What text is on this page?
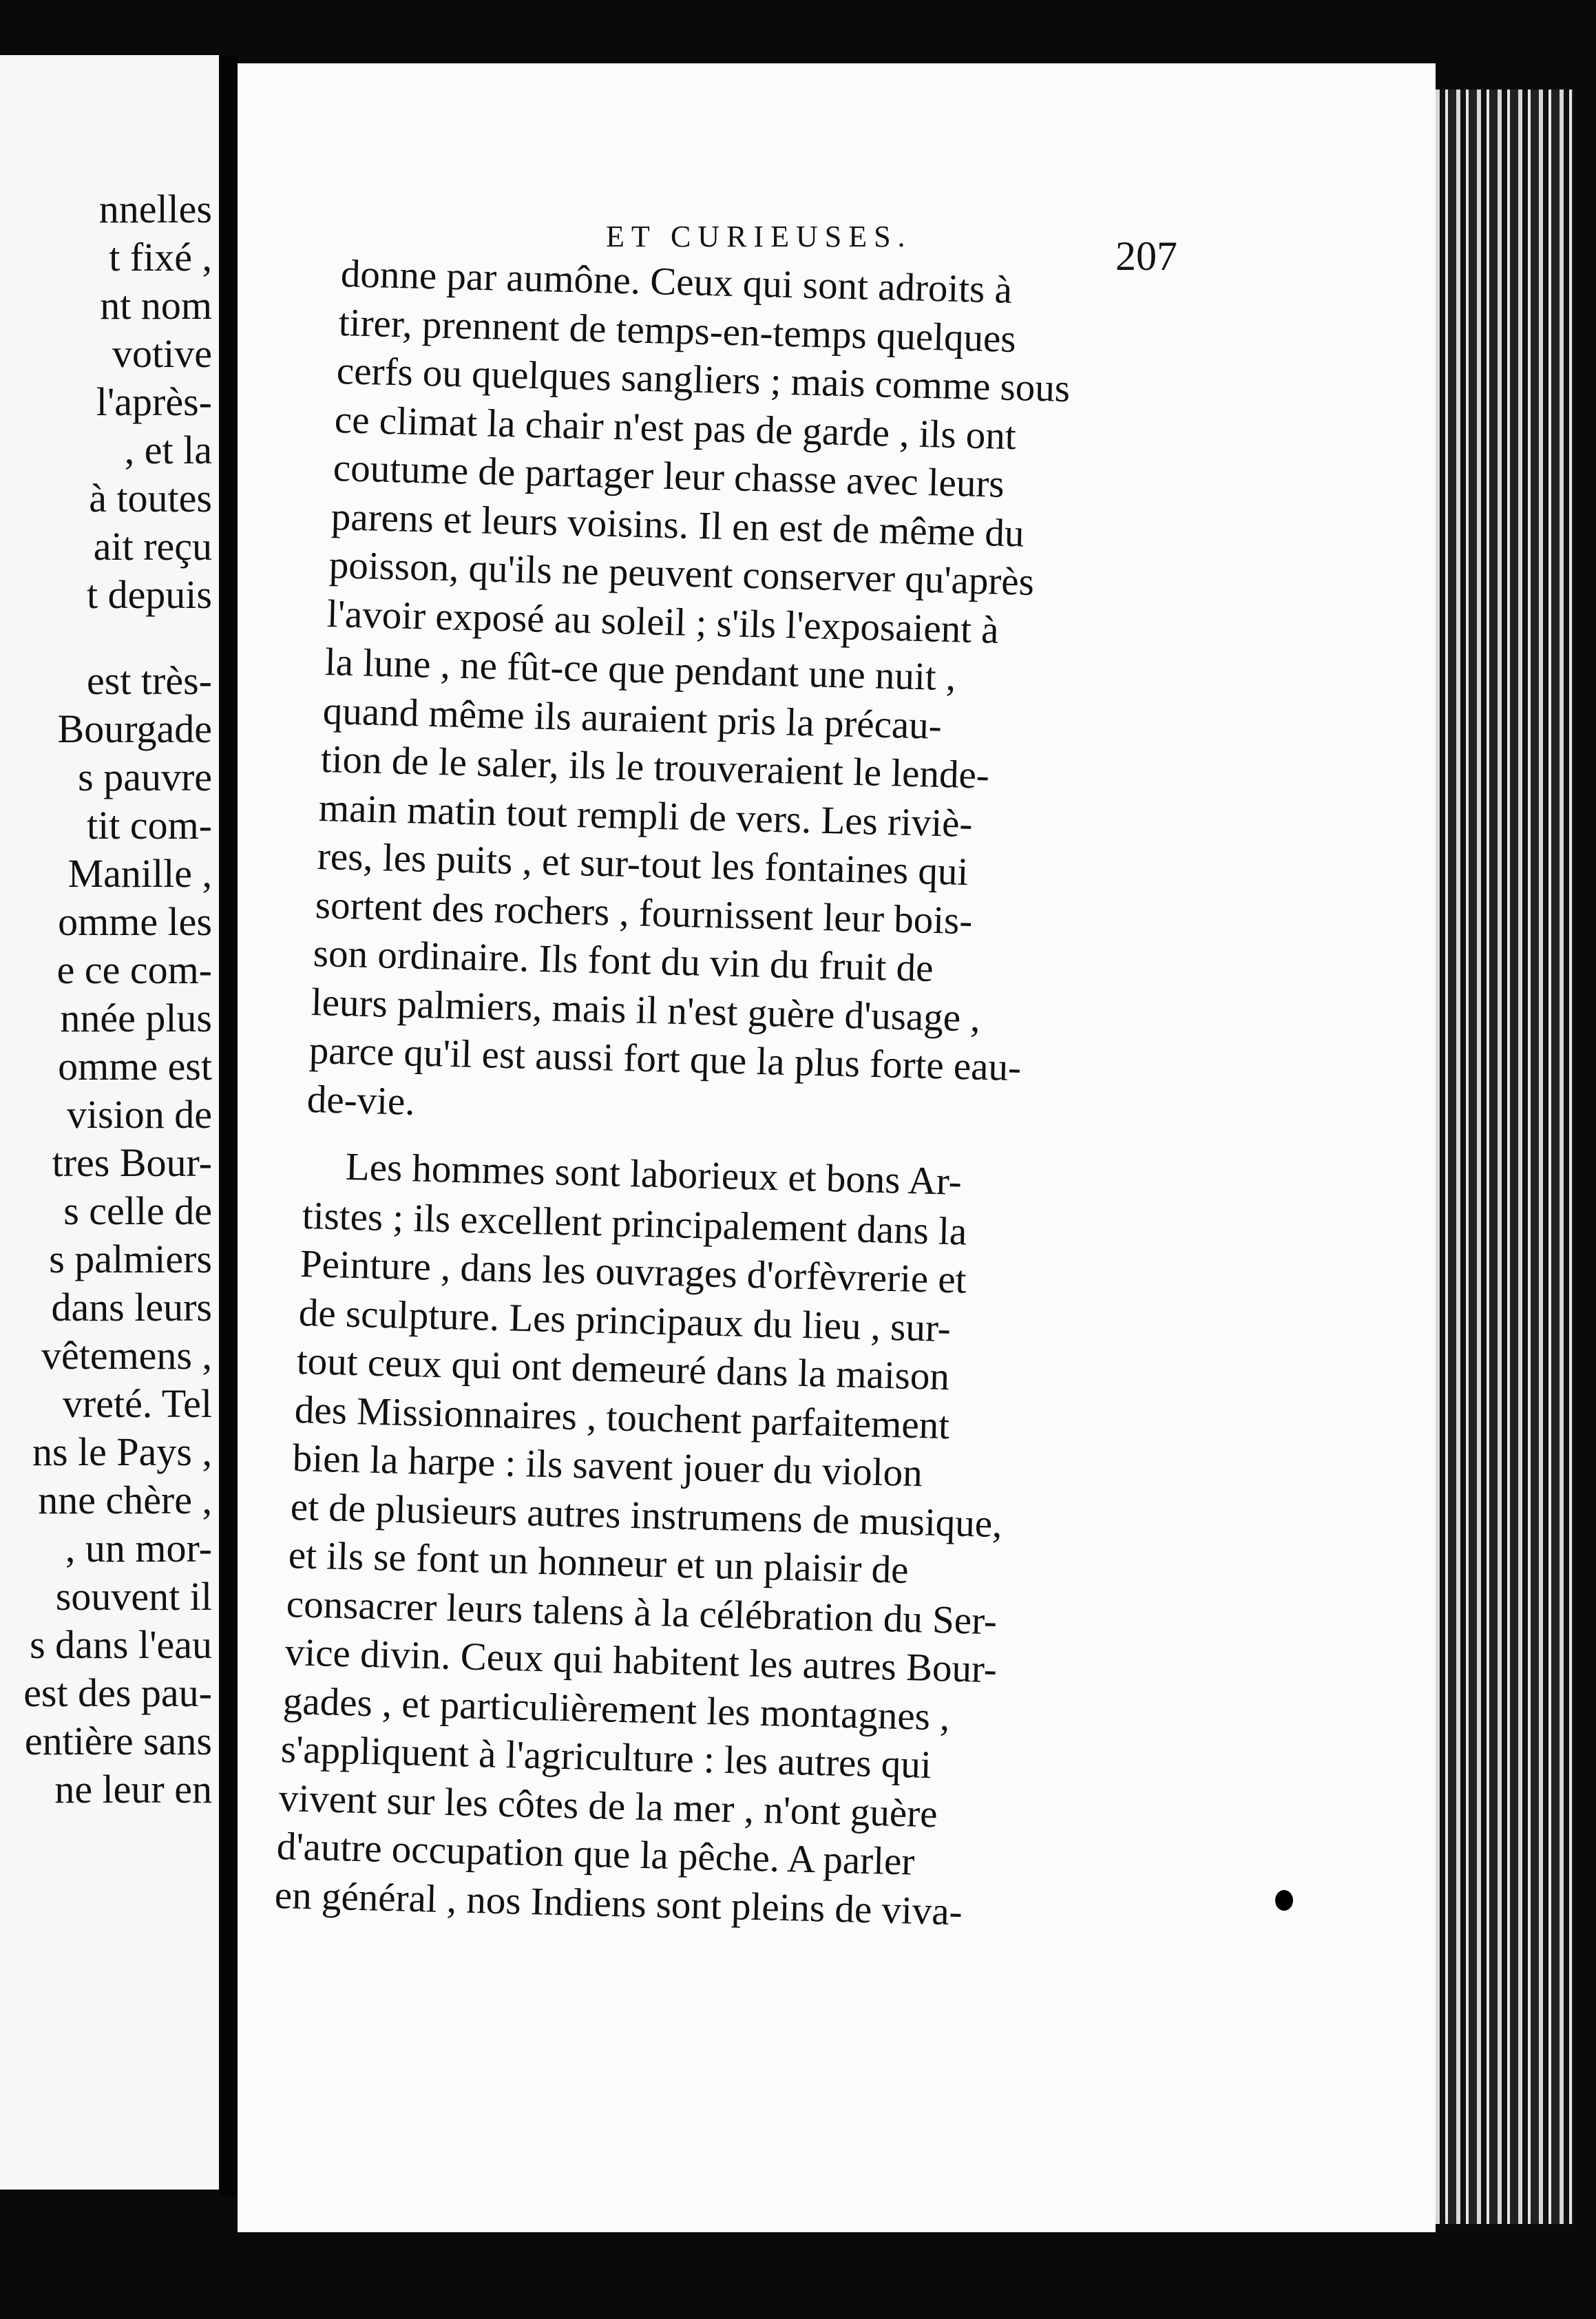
nnelles
t fixé ,
nt nom
votive
l'après-
, et la
à toutes
ait reçu
t depuis
est très-
Bourgade
s pauvre
tit com-
Manille ,
omme les
e ce com-
nnée plus
omme est
vision de
tres Bour-
s celle de
s palmiers
dans leurs
vêtemens ,
vreté. Tel
ns le Pays ,
nne chère ,
, un mor-
souvent il
s dans l'eau
est des pau-
entière sans
ne leur en
ET CURIEUSES.	207
donne par aumône. Ceux qui sont adroits à
tirer, prennent de temps-en-temps quelques
cerfs ou quelques sangliers ; mais comme sous
ce climat la chair n'est pas de garde , ils ont
coutume de partager leur chasse avec leurs
parens et leurs voisins. Il en est de même du
poisson, qu'ils ne peuvent conserver qu'après
l'avoir exposé au soleil ; s'ils l'exposaient à
la lune , ne fût-ce que pendant une nuit ,
quand même ils auraient pris la précau-
tion de le saler, ils le trouveraient le lende-
main matin tout rempli de vers. Les riviè-
res, les puits , et sur-tout les fontaines qui
sortent des rochers , fournissent leur bois-
son ordinaire. Ils font du vin du fruit de
leurs palmiers, mais il n'est guère d'usage ,
parce qu'il est aussi fort que la plus forte eau-
de-vie.
Les hommes sont laborieux et bons Ar-
tistes ; ils excellent principalement dans la
Peinture , dans les ouvrages d'orfèvrerie et
de sculpture. Les principaux du lieu , sur-
tout ceux qui ont demeuré dans la maison
des Missionnaires , touchent parfaitement
bien la harpe : ils savent jouer du violon
et de plusieurs autres instrumens de musique,
et ils se font un honneur et un plaisir de
consacrer leurs talens à la célébration du Ser-
vice divin. Ceux qui habitent les autres Bour-
gades , et particulièrement les montagnes ,
s'appliquent à l'agriculture : les autres qui
vivent sur les côtes de la mer , n'ont guère
d'autre occupation que la pêche. A parler
en général , nos Indiens sont pleins de viva-
